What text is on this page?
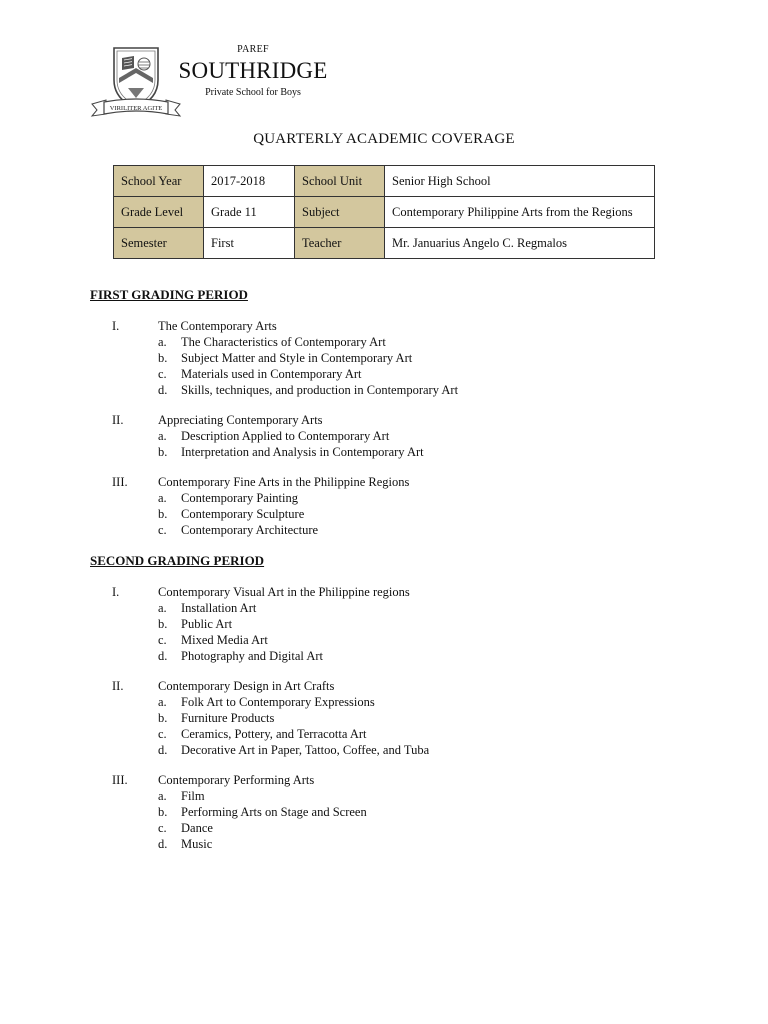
VIRILITER AGITE
PAREF
SOUTHRIDGE
Private School for Boys
QUARTERLY ACADEMIC COVERAGE
School Year	2017-2018	School Unit	Senior High School
Grade Level	Grade 11	Subject	Contemporary Philippine Arts from the Regions
Semester	First	Teacher	Mr. Januarius Angelo C. Regmalos
FIRST GRADING PERIOD
I.	The Contemporary Arts
a. The Characteristics of Contemporary Art
b. Subject Matter and Style in Contemporary Art
c. Materials used in Contemporary Art
d. Skills, techniques, and production in Contemporary Art
II.	Appreciating Contemporary Arts
a. Description Applied to Contemporary Art
b. Interpretation and Analysis in Contemporary Art
III. Contemporary Fine Arts in the Philippine Regions
a. Contemporary Painting
b. Contemporary Sculpture
c. Contemporary Architecture
SECOND GRADING PERIOD
I.	Contemporary Visual Art in the Philippine regions
a. Installation Art
b. Public Art
c. Mixed Media Art
d. Photography and Digital Art
II.	Contemporary Design in Art Crafts
a. Folk Art to Contemporary Expressions
b. Furniture Products
c. Ceramics, Pottery, and Terracotta Art
d. Decorative Art in Paper, Tattoo, Coffee, and Tuba
III. Contemporary Performing Arts
a. Film
b. Performing Arts on Stage and Screen
c. Dance
d. Music
